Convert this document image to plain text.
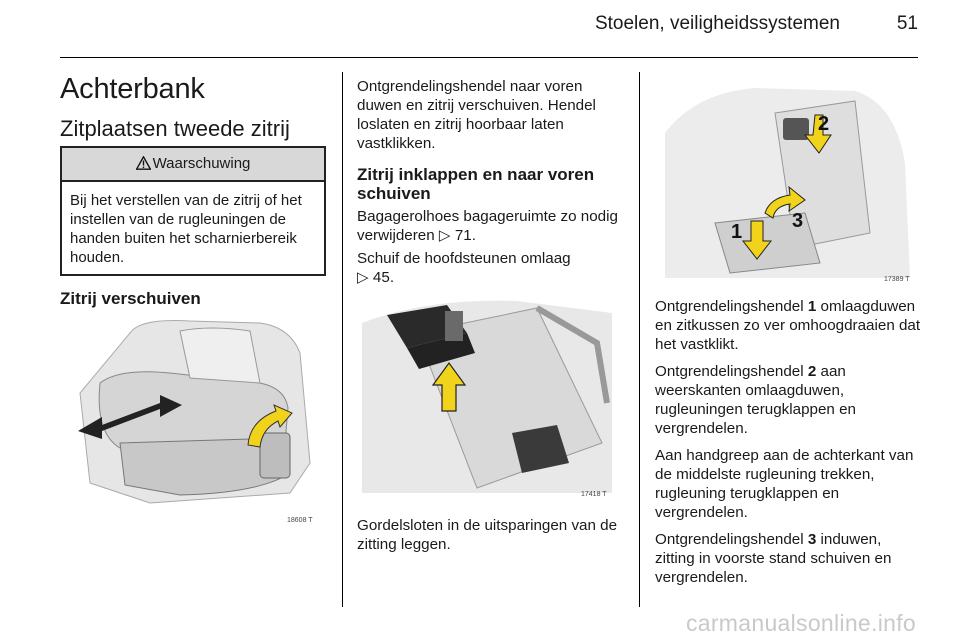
Stoelen, veiligheidssystemen	51
Achterbank
Zitplaatsen tweede zitrij
Waarschuwing
Bij het verstellen van de zitrij of het instellen van de rugleuningen de handen buiten het scharnierbereik houden.
Zitrij verschuiven
18608 T
Ontgrendelingshendel naar voren duwen en zitrij verschuiven. Hendel loslaten en zitrij hoorbaar laten vastklikken.
Zitrij inklappen en naar voren schuiven
Bagagerolhoes bagageruimte zo nodig verwijderen ▷ 71.
Schuif de hoofdsteunen omlaag
▷ 45.
17418 T
Gordelsloten in de uitsparingen van de zitting leggen.
2
3
1
17389 T

Ontgrendelingshendel 1 omlaagduwen en zitkussen zo ver omhoogdraaien dat het vastklikt.

Ontgrendelingshendel 2 aan weerskanten omlaagduwen, rugleuningen terugklappen en vergrendelen.

Aan handgreep aan de achterkant van de middelste rugleuning trekken, rugleuning terugklappen en vergrendelen.

Ontgrendelingshendel 3 induwen, zitting in voorste stand schuiven en vergrendelen.

carmanualsonline.info
